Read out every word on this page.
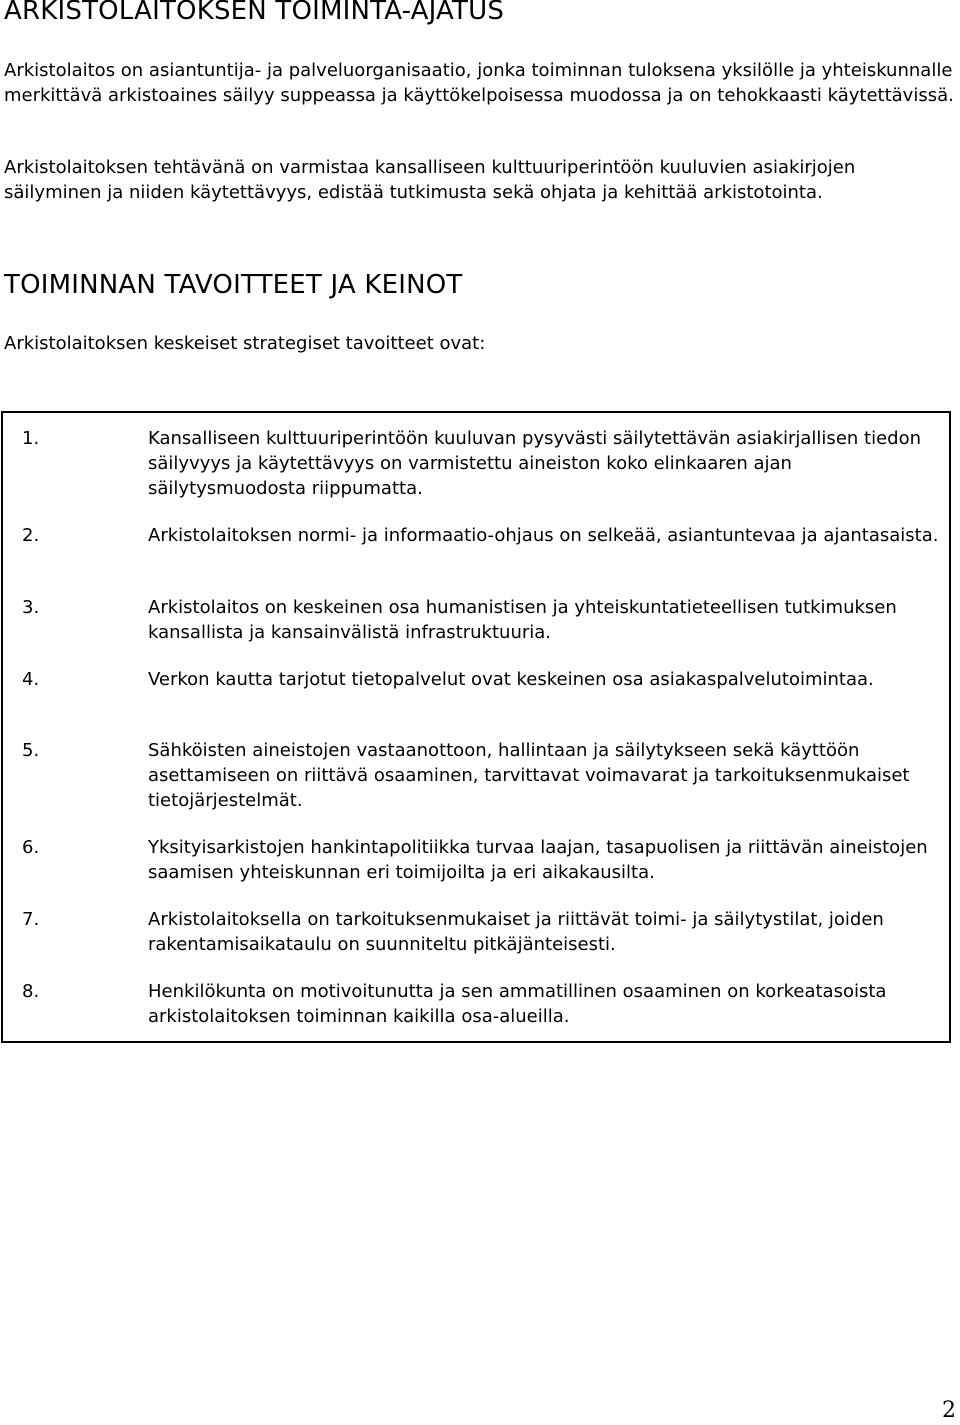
ARKISTOLAITOKSEN TOIMINTA-AJATUS

Arkistolaitos on asiantuntija- ja palveluorganisaatio, jonka toiminnan tuloksena yksilölle ja yhteiskunnalle merkittävä arkistoaines säilyy suppeassa ja käyttökelpoisessa muodossa ja on tehokkaasti käytettävissä.

Arkistolaitoksen tehtävänä on varmistaa kansalliseen kulttuuriperintöön kuuluvien asiakirjojen säilyminen ja niiden käytettävyys, edistää tutkimusta sekä ohjata ja kehittää arkistotointa.

TOIMINNAN TAVOITTEET JA KEINOT

Arkistolaitoksen keskeiset strategiset tavoitteet ovat:

1.	Kansalliseen kulttuuriperintöön kuuluvan pysyvästi säilytettävän asiakirjallisen tiedon säilyvyys ja käytettävyys on varmistettu aineiston koko elinkaaren ajan säilytysmuodosta riippumatta.

2.	Arkistolaitoksen normi- ja informaatio-ohjaus on selkeää, asiantuntevaa ja ajantasaista.

3.	Arkistolaitos on keskeinen osa humanistisen ja yhteiskuntatieteellisen tutkimuksen kansallista ja kansainvälistä infrastruktuuria.

4.	Verkon kautta tarjotut tietopalvelut ovat keskeinen osa asiakaspalvelutoimintaa.

5.	Sähköisten aineistojen vastaanottoon, hallintaan ja säilytykseen sekä käyttöön asettamiseen on riittävä osaaminen, tarvittavat voimavarat ja tarkoituksenmukaiset tietojärjestelmät.

6.	Yksityisarkistojen hankintapolitiikka turvaa laajan, tasapuolisen ja riittävän aineistojen saamisen yhteiskunnan eri toimijoilta ja eri aikakausilta.

7.	Arkistolaitoksella on tarkoituksenmukaiset ja riittävät toimi- ja säilytystilat, joiden rakentamisaikataulu on suunniteltu pitkäjänteisesti.

8.	Henkilökunta on motivoitunutta ja sen ammatillinen osaaminen on korkeatasoista arkistolaitoksen toiminnan kaikilla osa-alueilla.

2
